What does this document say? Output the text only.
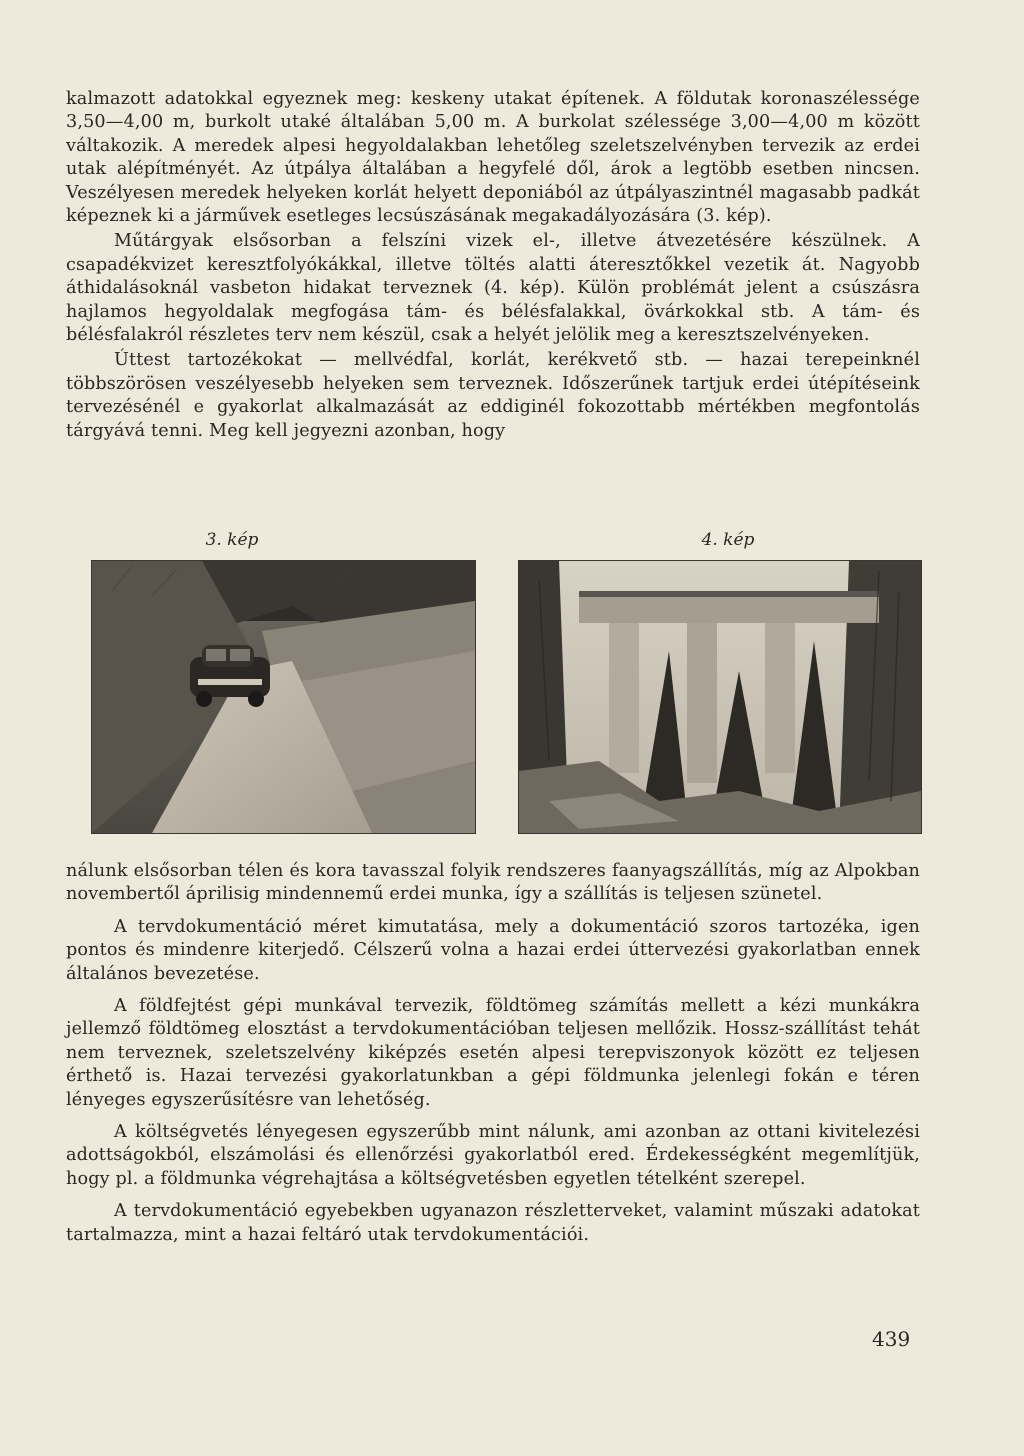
kalmazott adatokkal egyeznek meg: keskeny utakat építenek. A földutak koronaszélessége 3,50—4,00 m, burkolt utaké általában 5,00 m. A burkolat szélessége 3,00—4,00 m között váltakozik. A meredek alpesi hegyoldalakban lehetőleg szeletszelvényben tervezik az erdei utak alépítményét. Az útpálya általában a hegyfelé dől, árok a legtöbb esetben nincsen. Veszélyesen meredek helyeken korlát helyett deponiából az útpályaszintnél magasabb padkát képeznek ki a járművek esetleges lecsúszásának megakadályozására (3. kép).

Műtárgyak elsősorban a felszíni vizek el-, illetve átvezetésére készülnek. A csapadékvizet keresztfolyókákkal, illetve töltés alatti áteresztőkkel vezetik át. Nagyobb áthidalásoknál vasbeton hidakat terveznek (4. kép). Külön problémát jelent a csúszásra hajlamos hegyoldalak megfogása tám- és bélésfalakkal, övárkokkal stb. A tám- és bélésfalakról részletes terv nem készül, csak a helyét jelölik meg a keresztszelvényeken.

Úttest tartozékokat — mellvédfal, korlát, kerékvető stb. — hazai terepeinknél többszörösen veszélyesebb helyeken sem terveznek. Időszerűnek tartjuk erdei útépítéseink tervezésénél e gyakorlat alkalmazását az eddiginél fokozottabb mértékben megfontolás tárgyává tenni. Meg kell jegyezni azonban, hogy

3. kép	4. kép

nálunk elsősorban télen és kora tavasszal folyik rendszeres faanyagszállítás, míg az Alpokban novembertől áprilisig mindennemű erdei munka, így a szállítás is teljesen szünetel.

A tervdokumentáció méret kimutatása, mely a dokumentáció szoros tartozéka, igen pontos és mindenre kiterjedő. Célszerű volna a hazai erdei úttervezési gyakorlatban ennek általános bevezetése.

A földfejtést gépi munkával tervezik, földtömeg számítás mellett a kézi munkákra jellemző földtömeg elosztást a tervdokumentációban teljesen mellőzik. Hossz-szállítást tehát nem terveznek, szeletszelvény kiképzés esetén alpesi terepviszonyok között ez teljesen érthető is. Hazai tervezési gyakorlatunkban a gépi földmunka jelenlegi fokán e téren lényeges egyszerűsítésre van lehetőség.

A költségvetés lényegesen egyszerűbb mint nálunk, ami azonban az ottani kivitelezési adottságokból, elszámolási és ellenőrzési gyakorlatból ered. Érdekességként megemlítjük, hogy pl. a földmunka végrehajtása a költségvetésben egyetlen tételként szerepel.

A tervdokumentáció egyebekben ugyanazon részletterveket, valamint műszaki adatokat tartalmazza, mint a hazai feltáró utak tervdokumentációi.

439
